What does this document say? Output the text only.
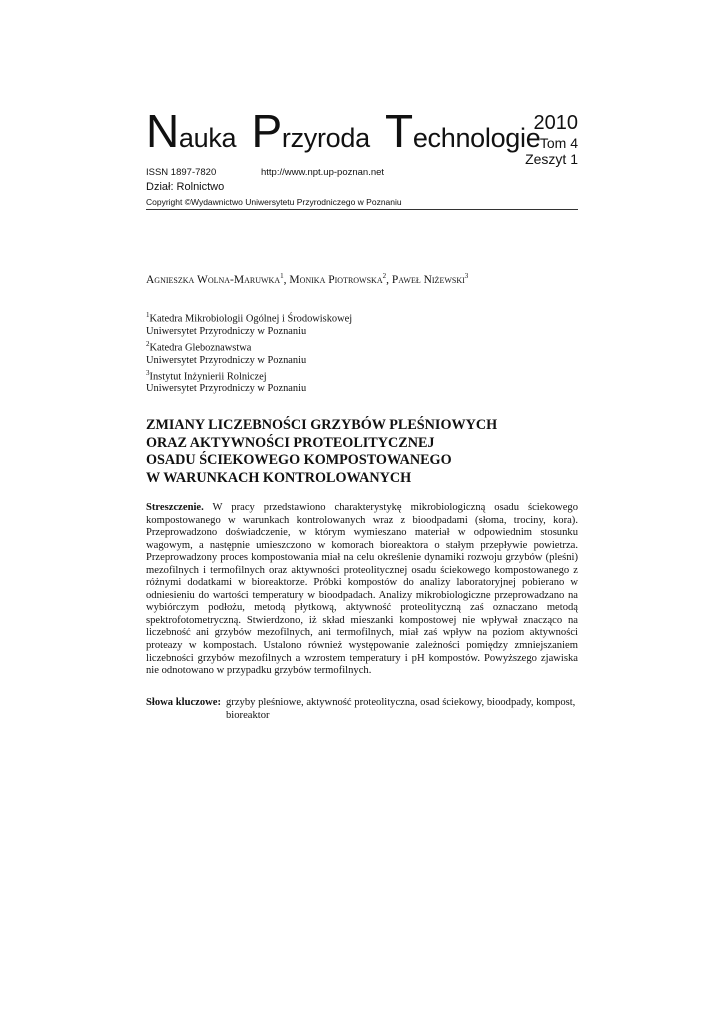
Nauka Przyroda Technologie
2010
Tom 4
Zeszyt 1
ISSN 1897-7820	http://www.npt.up-poznan.net
Dział: Rolnictwo
Copyright ©Wydawnictwo Uniwersytetu Przyrodniczego w Poznaniu
Agnieszka Wolna-Maruwka$^1$, Monika Piotrowska$^2$, Paweł Niżewski$^3$
$^1$Katedra Mikrobiologii Ogólnej i Środowiskowej
Uniwersytet Przyrodniczy w Poznaniu
$^2$Katedra Gleboznawstwa
Uniwersytet Przyrodniczy w Poznaniu
$^3$Instytut Inżynierii Rolniczej
Uniwersytet Przyrodniczy w Poznaniu
ZMIANY LICZEBNOŚCI GRZYBÓW PLEŚNIOWYCH
ORAZ AKTYWNOŚCI PROTEOLITYCZNEJ
OSADU ŚCIEKOWEGO KOMPOSTOWANEGO
W WARUNKACH KONTROLOWANYCH
Streszczenie. W pracy przedstawiono charakterystykę mikrobiologiczną osadu ściekowego kompostowanego w warunkach kontrolowanych wraz z bioodpadami (słoma, trociny, kora). Przeprowadzono doświadczenie, w którym wymieszano materiał w odpowiednim stosunku wagowym, a następnie umieszczono w komorach bioreaktora o stałym przepływie powietrza. Przeprowadzony proces kompostowania miał na celu określenie dynamiki rozwoju grzybów (pleśni) mezofilnych i termofilnych oraz aktywności proteolitycznej osadu ściekowego kompostowanego z różnymi dodatkami w bioreaktorze. Próbki kompostów do analizy laboratoryjnej pobierano w odniesieniu do wartości temperatury w bioodpadach. Analizy mikrobiologiczne przeprowadzano na wybiórczym podłożu, metodą płytkową, aktywność proteolityczną zaś oznaczano metodą spektrofotometryczną. Stwierdzono, iż skład mieszanki kompostowej nie wpływał znacząco na liczebność ani grzybów mezofilnych, ani termofilnych, miał zaś wpływ na poziom aktywności proteazy w kompostach. Ustalono również występowanie zależności pomiędzy zmniejszaniem liczebności grzybów mezofilnych a wzrostem temperatury i pH kompostów. Powyższego zjawiska nie odnotowano w przypadku grzybów termofilnych.
Słowa kluczowe: grzyby pleśniowe, aktywność proteolityczna, osad ściekowy, bioodpady, kompost, bioreaktor
